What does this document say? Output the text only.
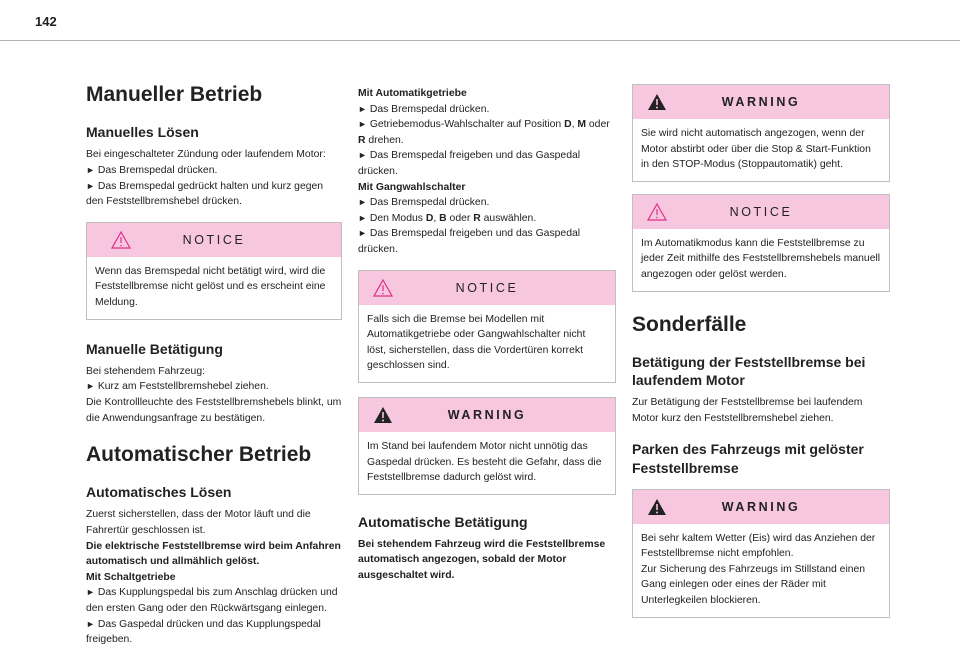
142
Manueller Betrieb
Manuelles Lösen

Bei eingeschalteter Zündung oder laufendem Motor:

► Das Bremspedal drücken.

► Das Bremspedal gedrückt halten und kurz gegen den Feststellbremshebel drücken.

NOTICE
Wenn das Bremspedal nicht betätigt wird, wird die Feststellbremse nicht gelöst und es erscheint eine Meldung.
Manuelle Betätigung

Bei stehendem Fahrzeug:

► Kurz am Feststellbremshebel ziehen.

Die Kontrollleuchte des Feststellbremshebels blinkt, um die Anwendungsanfrage zu bestätigen.

Automatischer Betrieb
Automatisches Lösen

Zuerst sicherstellen, dass der Motor läuft und die Fahrertür geschlossen ist.

Die elektrische Feststellbremse wird beim Anfahren automatisch und allmählich gelöst.

Mit Schaltgetriebe

► Das Kupplungspedal bis zum Anschlag drücken und den ersten Gang oder den Rückwärtsgang einlegen.

► Das Gaspedal drücken und das Kupplungspedal freigeben.

Mit Automatikgetriebe

► Das Bremspedal drücken.

► Getriebemodus-Wahlschalter auf Position D, M oder R drehen.

► Das Bremspedal freigeben und das Gaspedal drücken.

Mit Gangwahlschalter

► Das Bremspedal drücken.

► Den Modus D, B oder R auswählen.

► Das Bremspedal freigeben und das Gaspedal drücken.

NOTICE
Falls sich die Bremse bei Modellen mit Automatikgetriebe oder Gangwahlschalter nicht löst, sicherstellen, dass die Vordertüren korrekt geschlossen sind.
WARNING
Im Stand bei laufendem Motor nicht unnötig das Gaspedal drücken. Es besteht die Gefahr, dass die Feststellbremse dadurch gelöst wird.
Automatische Betätigung

Bei stehendem Fahrzeug wird die Feststellbremse automatisch angezogen, sobald der Motor ausgeschaltet wird.

WARNING
Sie wird nicht automatisch angezogen, wenn der Motor abstirbt oder über die Stop & Start-Funktion in den STOP-Modus (Stoppautomatik) geht.
NOTICE
Im Automatikmodus kann die Feststellbremse zu jeder Zeit mithilfe des Feststellbremshebels manuell angezogen oder gelöst werden.
Sonderfälle
Betätigung der Feststellbremse bei laufendem Motor

Zur Betätigung der Feststellbremse bei laufendem Motor kurz den Feststellbremshebel ziehen.

Parken des Fahrzeugs mit gelöster Feststellbremse
WARNING
Bei sehr kaltem Wetter (Eis) wird das Anziehen der Feststellbremse nicht empfohlen.
Zur Sicherung des Fahrzeugs im Stillstand einen Gang einlegen oder eines der Räder mit Unterlegkeilen blockieren.
